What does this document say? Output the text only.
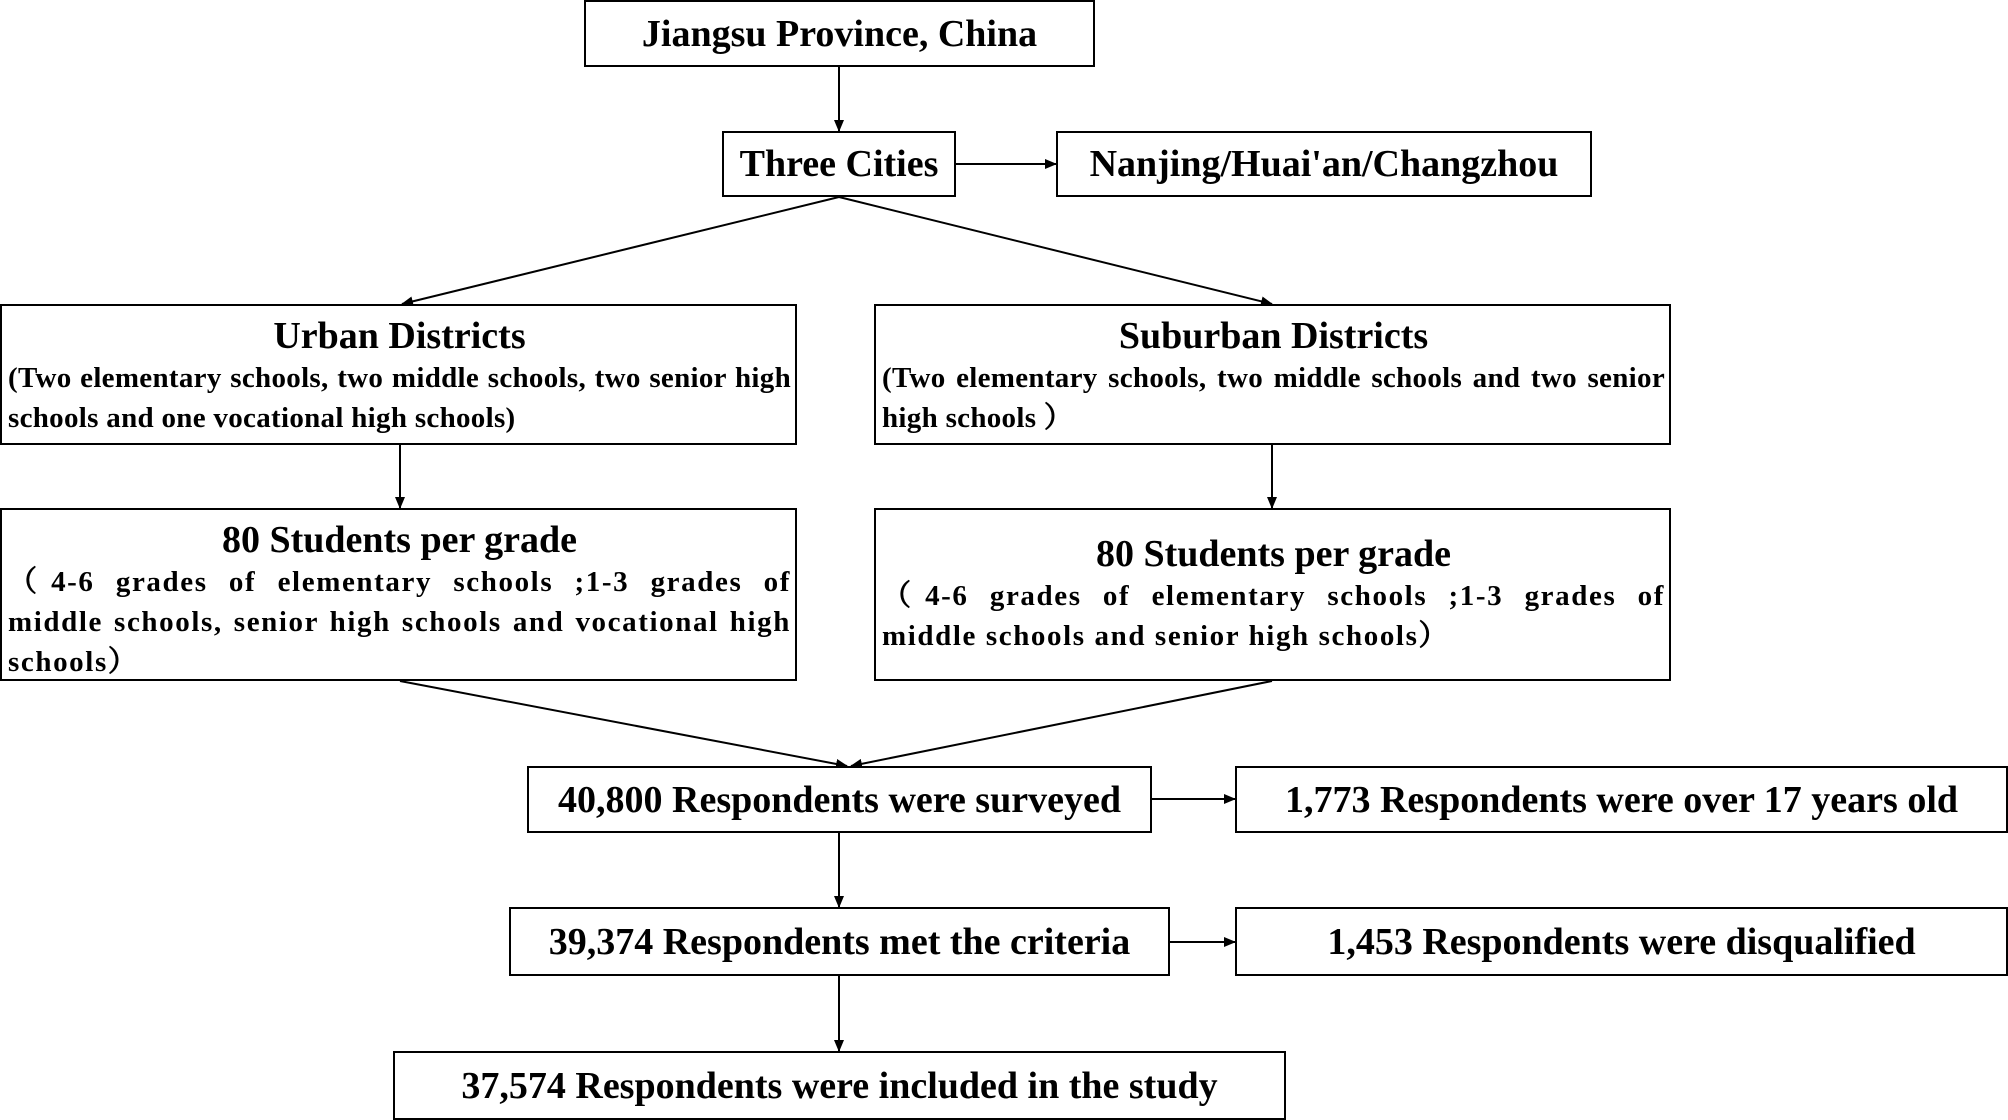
Jiangsu Province, China
Three Cities	Nanjing/Huai'an/Changzhou
Urban Districts
(Two elementary schools, two middle schools, two senior high schools and one vocational high schools)
Suburban Districts
(Two elementary schools, two middle schools and two senior high schools ）
80 Students per grade
（4-6 grades of elementary schools ;1-3 grades of middle schools, senior high schools and vocational high schools）
80 Students per grade
（4-6 grades of elementary schools ;1-3 grades of middle schools and senior high schools）
40,800 Respondents were surveyed	1,773 Respondents were over 17 years old
39,374 Respondents met the criteria	1,453 Respondents were disqualified
37,574 Respondents were included in the study
